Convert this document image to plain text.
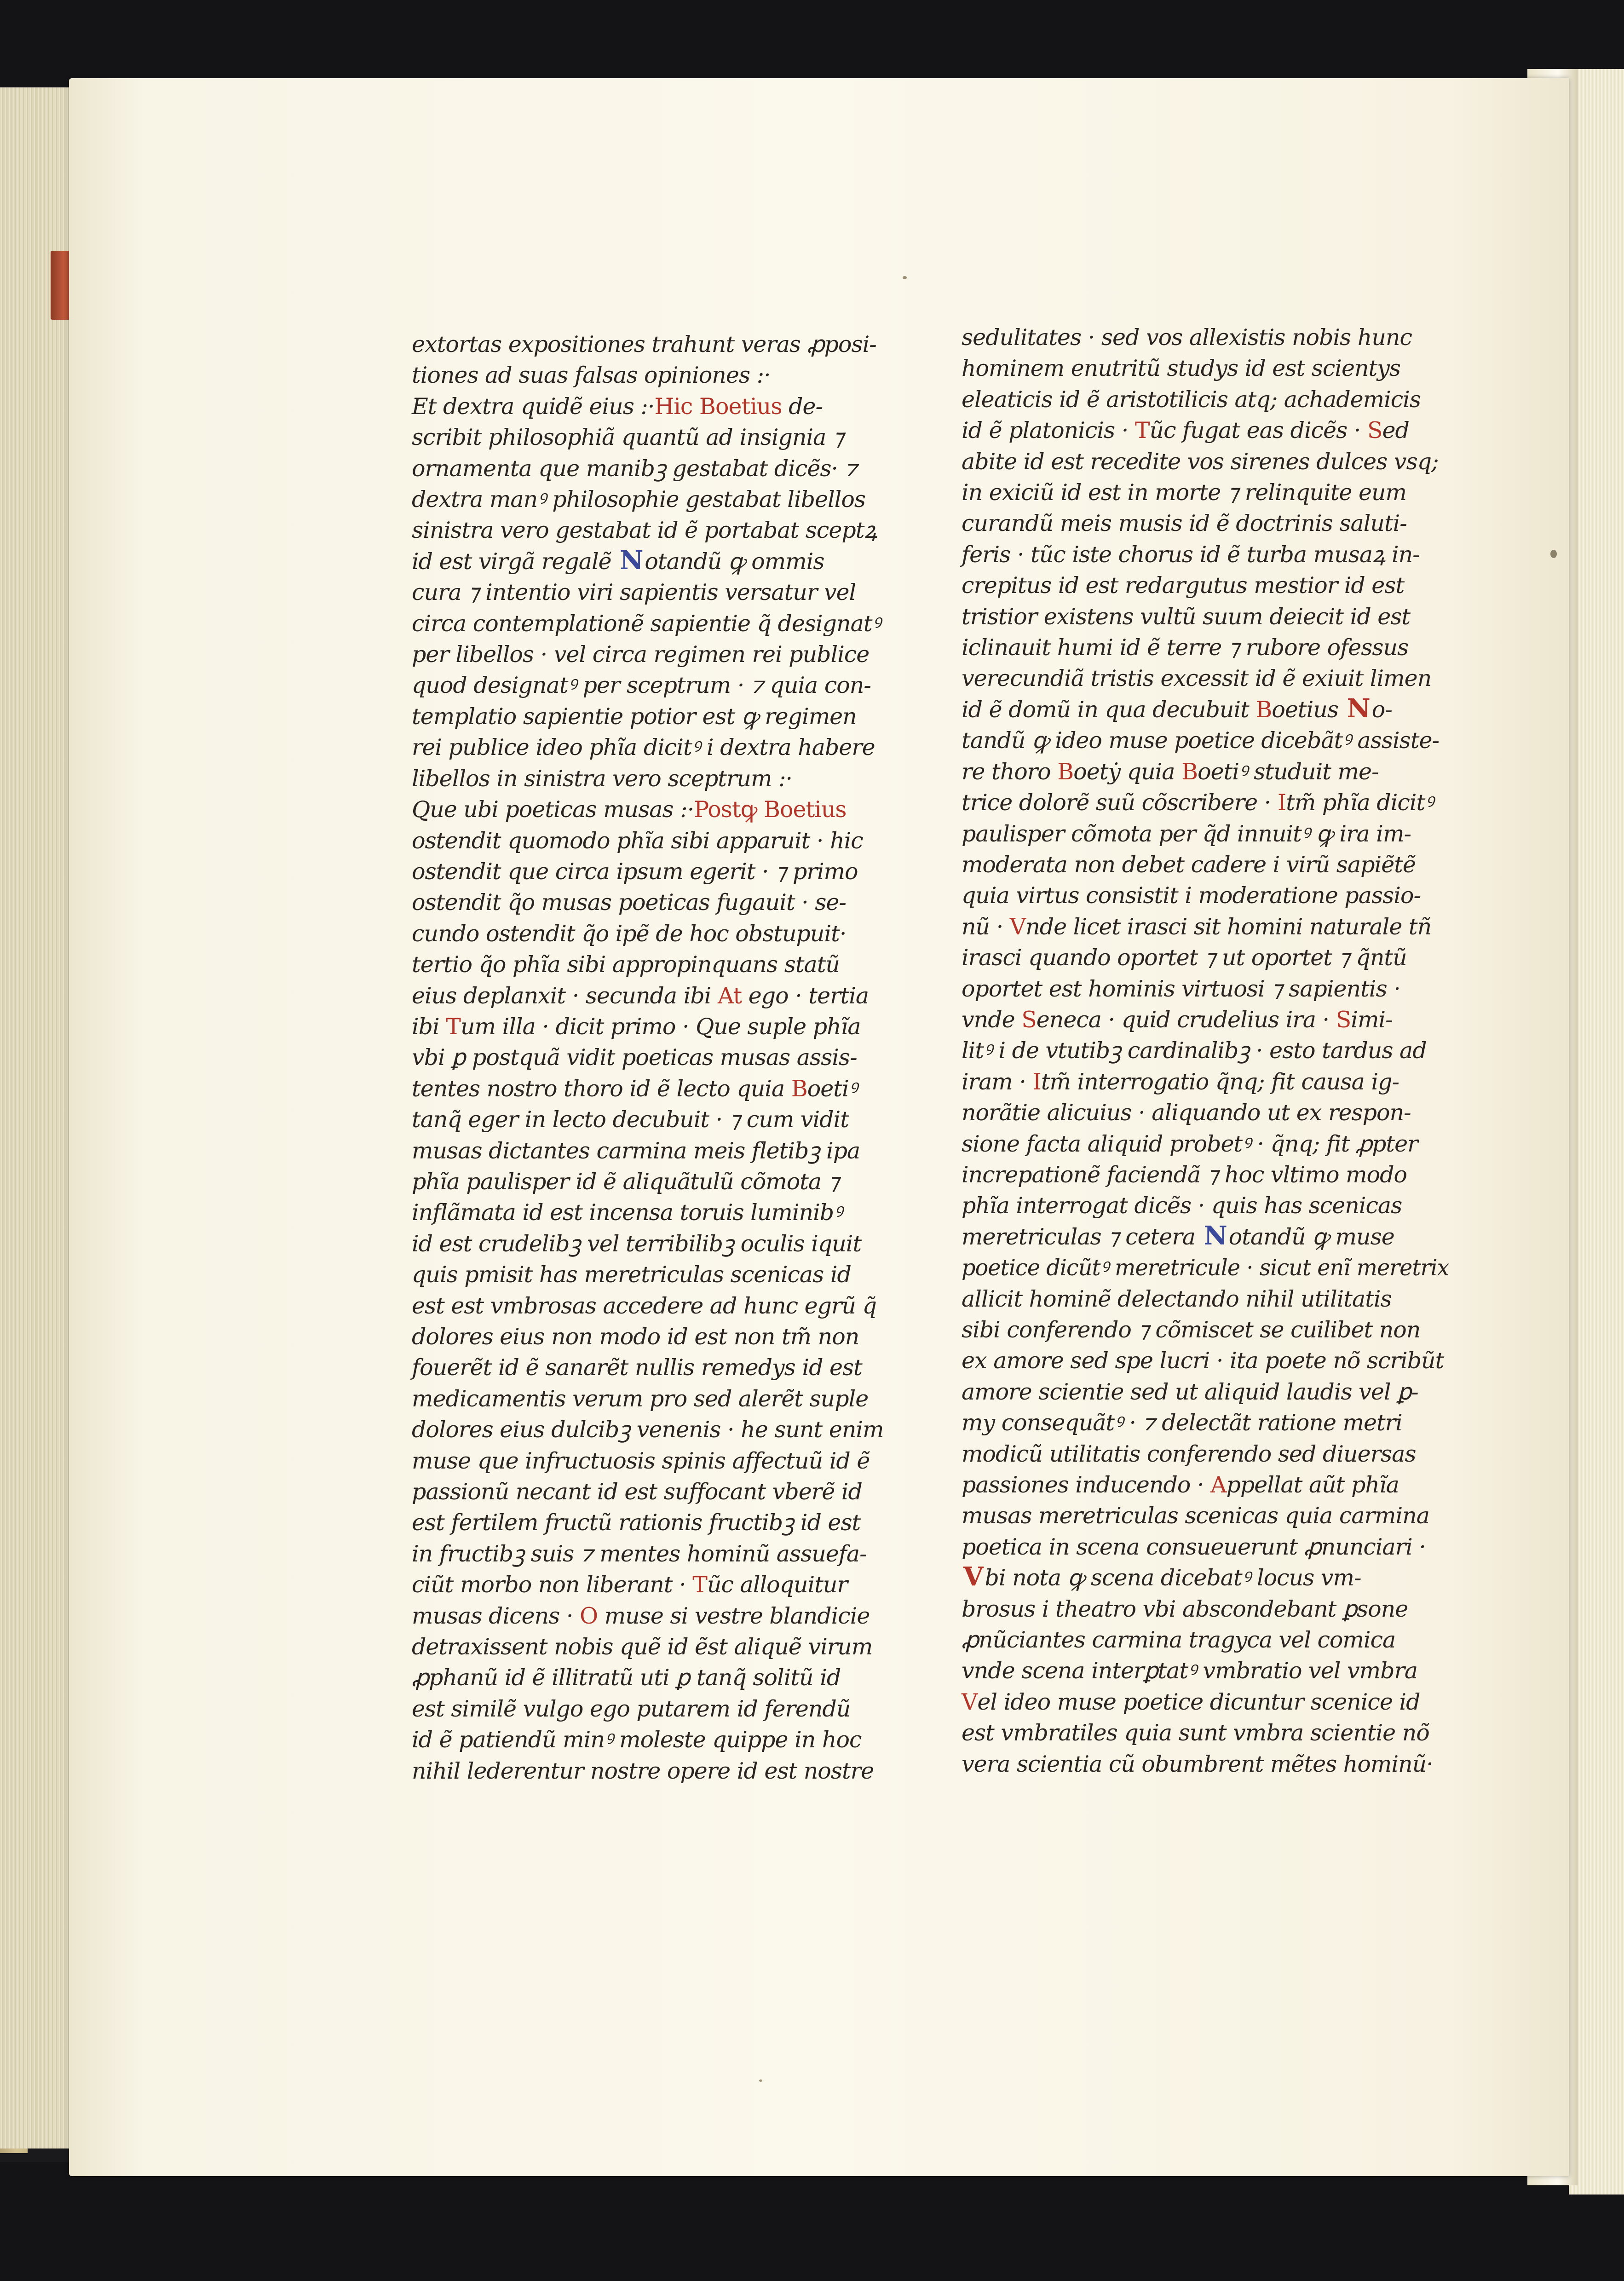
extortas expositiones trahunt veras ꝓposi-
tiones ad suas falsas opiniones :·
Et dextra quidẽ eius :·Hic Boetius de-
scribit philosophiã quantũ ad insignia ⁊
ornamenta que manibꝫ gestabat dicẽs· ⁊
dextra manꝰ philosophie gestabat libellos
sinistra vero gestabat id ẽ portabat sceptꝝ
id est virgã regalẽ Notandũ ꝙ ommis
cura ⁊ intentio viri sapientis versatur vel
circa contemplationẽ sapientie q̃ designatꝰ
per libellos · vel circa regimen rei publice
quod designatꝰ per sceptrum · ⁊ quia con-
templatio sapientie potior est ꝙ regimen
rei publice ideo phĩa dicitꝰ i dextra habere
libellos in sinistra vero sceptrum :·
Que ubi poeticas musas :·Postꝙ Boetius
ostendit quomodo phĩa sibi apparuit · hic
ostendit que circa ipsum egerit · ⁊ primo
ostendit q̃o musas poeticas fugauit · se-
cundo ostendit q̃o ipẽ de hoc obstupuit·
tertio q̃o phĩa sibi appropinquans statũ
eius deplanxit · secunda ibi At ego · tertia
ibi Tum illa · dicit primo · Que suple phĩa
vbi ꝑ postquã vidit poeticas musas assis-
tentes nostro thoro id ẽ lecto quia Boetiꝰ
tanq̃ eger in lecto decubuit · ⁊ cum vidit
musas dictantes carmina meis fletibꝫ ipa
phĩa paulisper id ẽ aliquãtulũ cõmota ⁊
inflãmata id est incensa toruis luminibꝰ
id est crudelibꝫ vel terribilibꝫ oculis iquit
quis pmisit has meretriculas scenicas id
est est vmbrosas accedere ad hunc egrũ q̃
dolores eius non modo id est non tm̃ non
fouerẽt id ẽ sanarẽt nullis remedys id est
medicamentis verum pro sed alerẽt suple
dolores eius dulcibꝫ venenis · he sunt enim
muse que infructuosis spinis affectuũ id ẽ
passionũ necant id est suffocant vberẽ id
est fertilem fructũ rationis fructibꝫ id est
in fructibꝫ suis ⁊ mentes hominũ assuefa-
ciũt morbo non liberant · Tũc alloquitur
musas dicens · O muse si vestre blandicie
detraxissent nobis quẽ id ẽst aliquẽ virum
ꝓphanũ id ẽ illitratũ uti ꝑ tanq̃ solitũ id
est similẽ vulgo ego putarem id ferendũ
id ẽ patiendũ minꝰ moleste quippe in hoc
nihil lederentur nostre opere id est nostre
sedulitates · sed vos allexistis nobis hunc
hominem enutritũ studys id est scientys
eleaticis id ẽ aristotilicis atq; achademicis
id ẽ platonicis · Tũc fugat eas dicẽs · Sed
abite id est recedite vos sirenes dulces vsq;
in exiciũ id est in morte ⁊ relinquite eum
curandũ meis musis id ẽ doctrinis saluti-
feris · tũc iste chorus id ẽ turba musaꝝ in-
crepitus id est redargutus mestior id est
tristior existens vultũ suum deiecit id est
iclinauit humi id ẽ terre ⁊ rubore ofessus
verecundiã tristis excessit id ẽ exiuit limen
id ẽ domũ in qua decubuit Boetius No-
tandũ ꝙ ideo muse poetice dicebãtꝰ assiste-
re thoro Boetẏ quia Boetiꝰ studuit me-
trice dolorẽ suũ cõscribere · Itm̃ phĩa dicitꝰ
paulisper cõmota per q̃d innuitꝰ ꝙ ira im-
moderata non debet cadere i virũ sapiẽtẽ
quia virtus consistit i moderatione passio-
nũ · Vnde licet irasci sit homini naturale tñ
irasci quando oportet ⁊ ut oportet ⁊ q̃ntũ
oportet est hominis virtuosi ⁊ sapientis ·
vnde Seneca · quid crudelius ira · Simi-
litꝰ i de vtutibꝫ cardinalibꝫ · esto tardus ad
iram · Itm̃ interrogatio q̃nq; fit causa ig-
norãtie alicuius · aliquando ut ex respon-
sione facta aliquid probetꝰ · q̃nq; fit ꝓpter
increpationẽ faciendã ⁊ hoc vltimo modo
phĩa interrogat dicẽs · quis has scenicas
meretriculas ⁊ cetera Notandũ ꝙ muse
poetice dicũtꝰ meretricule · sicut enĩ meretrix
allicit hominẽ delectando nihil utilitatis
sibi conferendo ⁊ cõmiscet se cuilibet non
ex amore sed spe lucri · ita poete nõ scribũt
amore scientie sed ut aliquid laudis vel ꝑ-
my consequãtꝰ · ⁊ delectãt ratione metri
modicũ utilitatis conferendo sed diuersas
passiones inducendo · Appellat aũt phĩa
musas meretriculas scenicas quia carmina
poetica in scena consueuerunt ꝓnunciari ·
Vbi nota ꝙ scena dicebatꝰ locus vm-
brosus i theatro vbi abscondebant ꝑsone
ꝓnũciantes carmina tragyca vel comica
vnde scena interꝑtatꝰ vmbratio vel vmbra
Vel ideo muse poetice dicuntur scenice id
est vmbratiles quia sunt vmbra scientie nõ
vera scientia cũ obumbrent mẽtes hominũ·
